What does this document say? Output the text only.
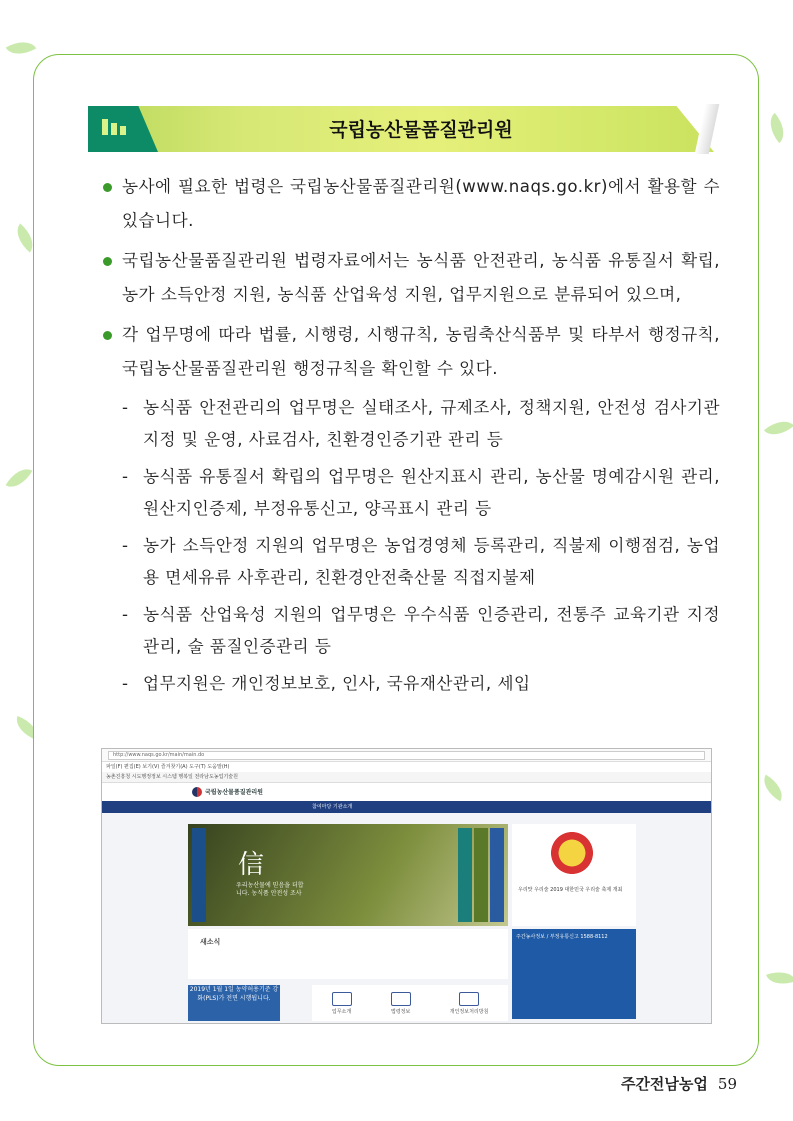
국립농산물품질관리원
농사에 필요한 법령은 국립농산물품질관리원(www.naqs.go.kr)에서 활용할 수 있습니다.
국립농산물품질관리원 법령자료에서는 농식품 안전관리, 농식품 유통질서 확립, 농가 소득안정 지원, 농식품 산업육성 지원, 업무지원으로 분류되어 있으며,
각 업무명에 따라 법률, 시행령, 시행규칙, 농림축산식품부 및 타부서 행정규칙, 국립농산물품질관리원 행정규칙을 확인할 수 있다.
- 농식품 안전관리의 업무명은 실태조사, 규제조사, 정책지원, 안전성 검사기관 지정 및 운영, 사료검사, 친환경인증기관 관리 등
- 농식품 유통질서 확립의 업무명은 원산지표시 관리, 농산물 명예감시원 관리, 원산지인증제, 부정유통신고, 양곡표시 관리 등
- 농가 소득안정 지원의 업무명은 농업경영체 등록관리, 직불제 이행점검, 농업용 면세유류 사후관리, 친환경안전축산물 직접지불제
- 농식품 산업육성 지원의 업무명은 우수식품 인증관리, 전통주 교육기관 지정관리, 술 품질인증관리 등
- 업무지원은 개인정보보호, 인사, 국유재산관리, 세입
http://www.naqs.go.kr/main/main.do
파일(F) 편집(E) 보기(V) 즐겨찾기(A) 도구(T) 도움말(H)
농촌진흥청 시도행정정보 시스템 행복일 전라남도농업기술원
국립농산물품질관리원
참여마당 기관소개
信
우리농산물에 믿음을 더합니다. 농식품 안전성 조사	우리맛 우리술 2019 대한민국 우리술 축제 개최
새소식
주간농사정보 / 부정유통신고 1588-8112
2019년 1월 1일 농약허용기준 강화(PLS)가 전면 시행됩니다.
업무소개	법령정보	개인정보처리방침
주간전남농업 59
